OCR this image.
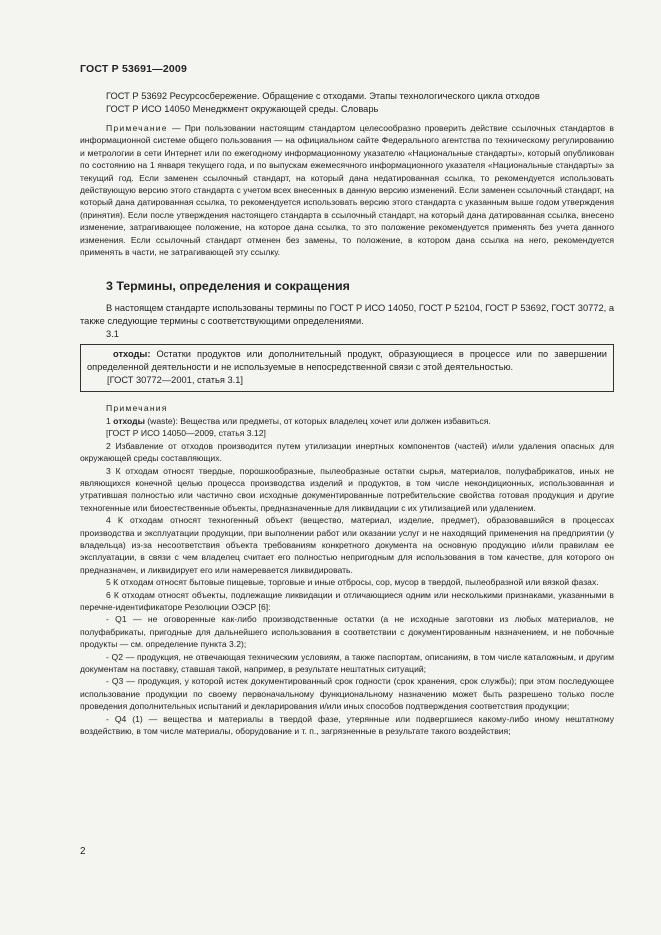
ГОСТ Р 53691—2009

ГОСТ Р 53692 Ресурсосбережение. Обращение с отходами. Этапы технологического цикла отходов

ГОСТ Р ИСО 14050 Менеджмент окружающей среды. Словарь

Примечание — При пользовании настоящим стандартом целесообразно проверить действие ссылочных стандартов в информационной системе общего пользования — на официальном сайте Федерального агентства по техническому регулированию и метрологии в сети Интернет или по ежегодному информационному указателю «Национальные стандарты», который опубликован по состоянию на 1 января текущего года, и по выпускам ежемесячного информационного указателя «Национальные стандарты» за текущий год. Если заменен ссылочный стандарт, на который дана недатированная ссылка, то рекомендуется использовать действующую версию этого стандарта с учетом всех внесенных в данную версию изменений. Если заменен ссылочный стандарт, на который дана датированная ссылка, то рекомендуется использовать версию этого стандарта с указанным выше годом утверждения (принятия). Если после утверждения настоящего стандарта в ссылочный стандарт, на который дана датированная ссылка, внесено изменение, затрагивающее положение, на которое дана ссылка, то это положение рекомендуется применять без учета данного изменения. Если ссылочный стандарт отменен без замены, то положение, в котором дана ссылка на него, рекомендуется применять в части, не затрагивающей эту ссылку.

3 Термины, определения и сокращения

В настоящем стандарте использованы термины по ГОСТ Р ИСО 14050, ГОСТ Р 52104, ГОСТ Р 53692, ГОСТ 30772, а также следующие термины с соответствующими определениями.

3.1

отходы: Остатки продуктов или дополнительный продукт, образующиеся в процессе или по завершении определенной деятельности и не используемые в непосредственной связи с этой деятельностью.

[ГОСТ 30772—2001, статья 3.1]

Примечания

1 отходы (waste): Вещества или предметы, от которых владелец хочет или должен избавиться.

[ГОСТ Р ИСО 14050—2009, статья 3.12]

2 Избавление от отходов производится путем утилизации инертных компонентов (частей) и/или удаления опасных для окружающей среды составляющих.

3 К отходам относят твердые, порошкообразные, пылеобразные остатки сырья, материалов, полуфабрикатов, иных не являющихся конечной целью процесса производства изделий и продуктов, в том числе некондиционных, использованная и утратившая полностью или частично свои исходные документированные потребительские свойства готовая продукция и другие техногенные или биоестественные объекты, предназначенные для ликвидации с их утилизацией или удалением.

4 К отходам относят техногенный объект (вещество, материал, изделие, предмет), образовавшийся в процессах производства и эксплуатации продукции, при выполнении работ или оказании услуг и не находящий применения на предприятии (у владельца) из-за несоответствия объекта требованиям конкретного документа на основную продукцию и/или правилам ее эксплуатации, в связи с чем владелец считает его полностью непригодным для использования в том качестве, для которого он предназначен, и ликвидирует его или намеревается ликвидировать.

5 К отходам относят бытовые пищевые, торговые и иные отбросы, сор, мусор в твердой, пылеобразной или вязкой фазах.

6 К отходам относят объекты, подлежащие ликвидации и отличающиеся одним или несколькими признаками, указанными в перечне-идентификаторе Резолюции ОЭСР [6]:

- Q1 — не оговоренные как-либо производственные остатки (а не исходные заготовки из любых материалов, не полуфабрикаты, пригодные для дальнейшего использования в соответствии с документированным назначением, и не побочные продукты — см. определение пункта 3.2);

- Q2 — продукция, не отвечающая техническим условиям, а также паспортам, описаниям, в том числе каталожным, и другим документам на поставку, ставшая такой, например, в результате нештатных ситуаций;

- Q3 — продукция, у которой истек документированный срок годности (срок хранения, срок службы); при этом последующее использование продукции по своему первоначальному функциональному назначению может быть разрешено только после проведения дополнительных испытаний и декларирования и/или иных способов подтверждения соответствия продукции;

- Q4 (1) — вещества и материалы в твердой фазе, утерянные или подвергшиеся какому-либо иному нештатному воздействию, в том числе материалы, оборудование и т. п., загрязненные в результате такого воздействия;

2
